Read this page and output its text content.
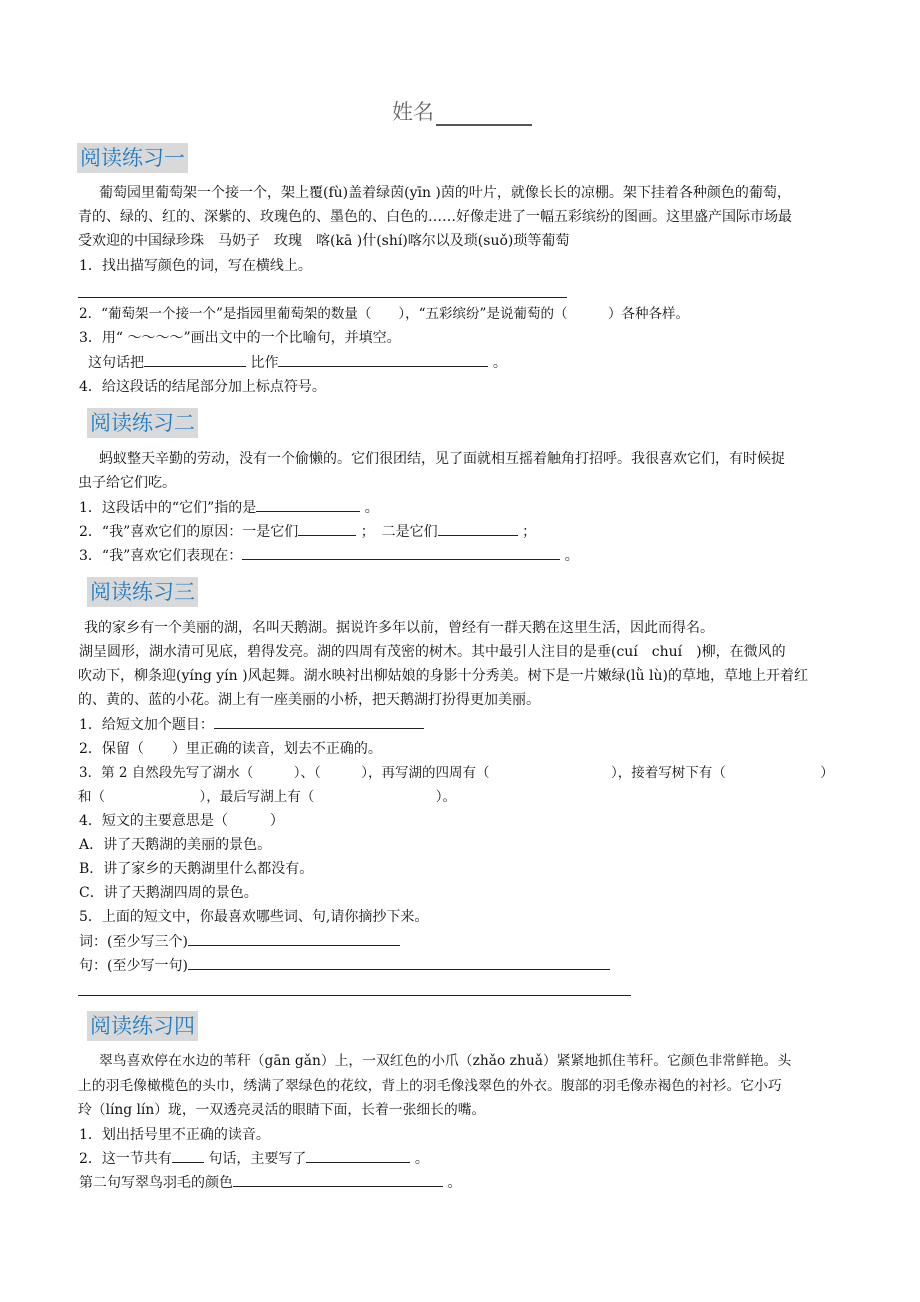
姓名
阅读练习一
葡萄园里葡萄架一个接一个，架上覆(fù)盖着绿茵(yīn )茵的叶片，就像长长的凉棚。架下挂着各种颜色的葡萄，
青的、绿的、红的、深紫的、玫瑰色的、墨色的、白色的……好像走进了一幅五彩缤纷的图画。这里盛产国际市场最
受欢迎的中国绿珍珠　马奶子　玫瑰　喀(kā )什(shí)喀尔以及琐(suǒ)琐等葡萄
1．找出描写颜色的词，写在横线上。
2．“葡萄架一个接一个”是指园里葡萄架的数量（　　），“五彩缤纷”是说葡萄的（　　　）各种各样。
3．用“ ～～～～”画出文中的一个比喻句，并填空。
这句话把	比作	。
4．给这段话的结尾部分加上标点符号。
阅读练习二
蚂蚁整天辛勤的劳动，没有一个偷懒的。它们很团结，见了面就相互摇着触角打招呼。我很喜欢它们，有时候捉
虫子给它们吃。
1．这段话中的“它们”指的是	。
2．“我”喜欢它们的原因：一是它们	；　二是它们	；
3．“我”喜欢它们表现在：	。
阅读练习三
我的家乡有一个美丽的湖，名叫天鹅湖。据说许多年以前，曾经有一群天鹅在这里生活，因此而得名。
湖呈圆形，湖水清可见底，碧得发亮。湖的四周有茂密的树木。其中最引人注目的是垂(cuí　chuí　)柳，在微风的
吹动下，柳条迎(yíng yín )风起舞。湖水映衬出柳姑娘的身影十分秀美。树下是一片嫩绿(lǜ lù)的草地，草地上开着红
的、黄的、蓝的小花。湖上有一座美丽的小桥，把天鹅湖打扮得更加美丽。
1．给短文加个题目：
2．保留（　　）里正确的读音，划去不正确的。
3．第 2 自然段先写了湖水（　　　）、（　　　），再写湖的四周有（　　　　　　　　　），接着写树下有（　　　　　　　）
和（　　　　　　　），最后写湖上有（　　　　　　　　　）。
4．短文的主要意思是（　　　）
A．讲了天鹅湖的美丽的景色。
B．讲了家乡的天鹅湖里什么都没有。
C．讲了天鹅湖四周的景色。
5．上面的短文中，你最喜欢哪些词、句,请你摘抄下来。
词：(至少写三个)
句：(至少写一句)
阅读练习四
翠鸟喜欢停在水边的苇秆（gān gǎn）上，一双红色的小爪（zhǎo zhuǎ）紧紧地抓住苇秆。它颜色非常鲜艳。头
上的羽毛像橄榄色的头巾，绣满了翠绿色的花纹，背上的羽毛像浅翠色的外衣。腹部的羽毛像赤褐色的衬衫。它小巧
玲（líng lín）珑，一双透亮灵活的眼睛下面，长着一张细长的嘴。
1．划出括号里不正确的读音。
2．这一节共有	句话，主要写了	。
第二句写翠鸟羽毛的颜色	。
